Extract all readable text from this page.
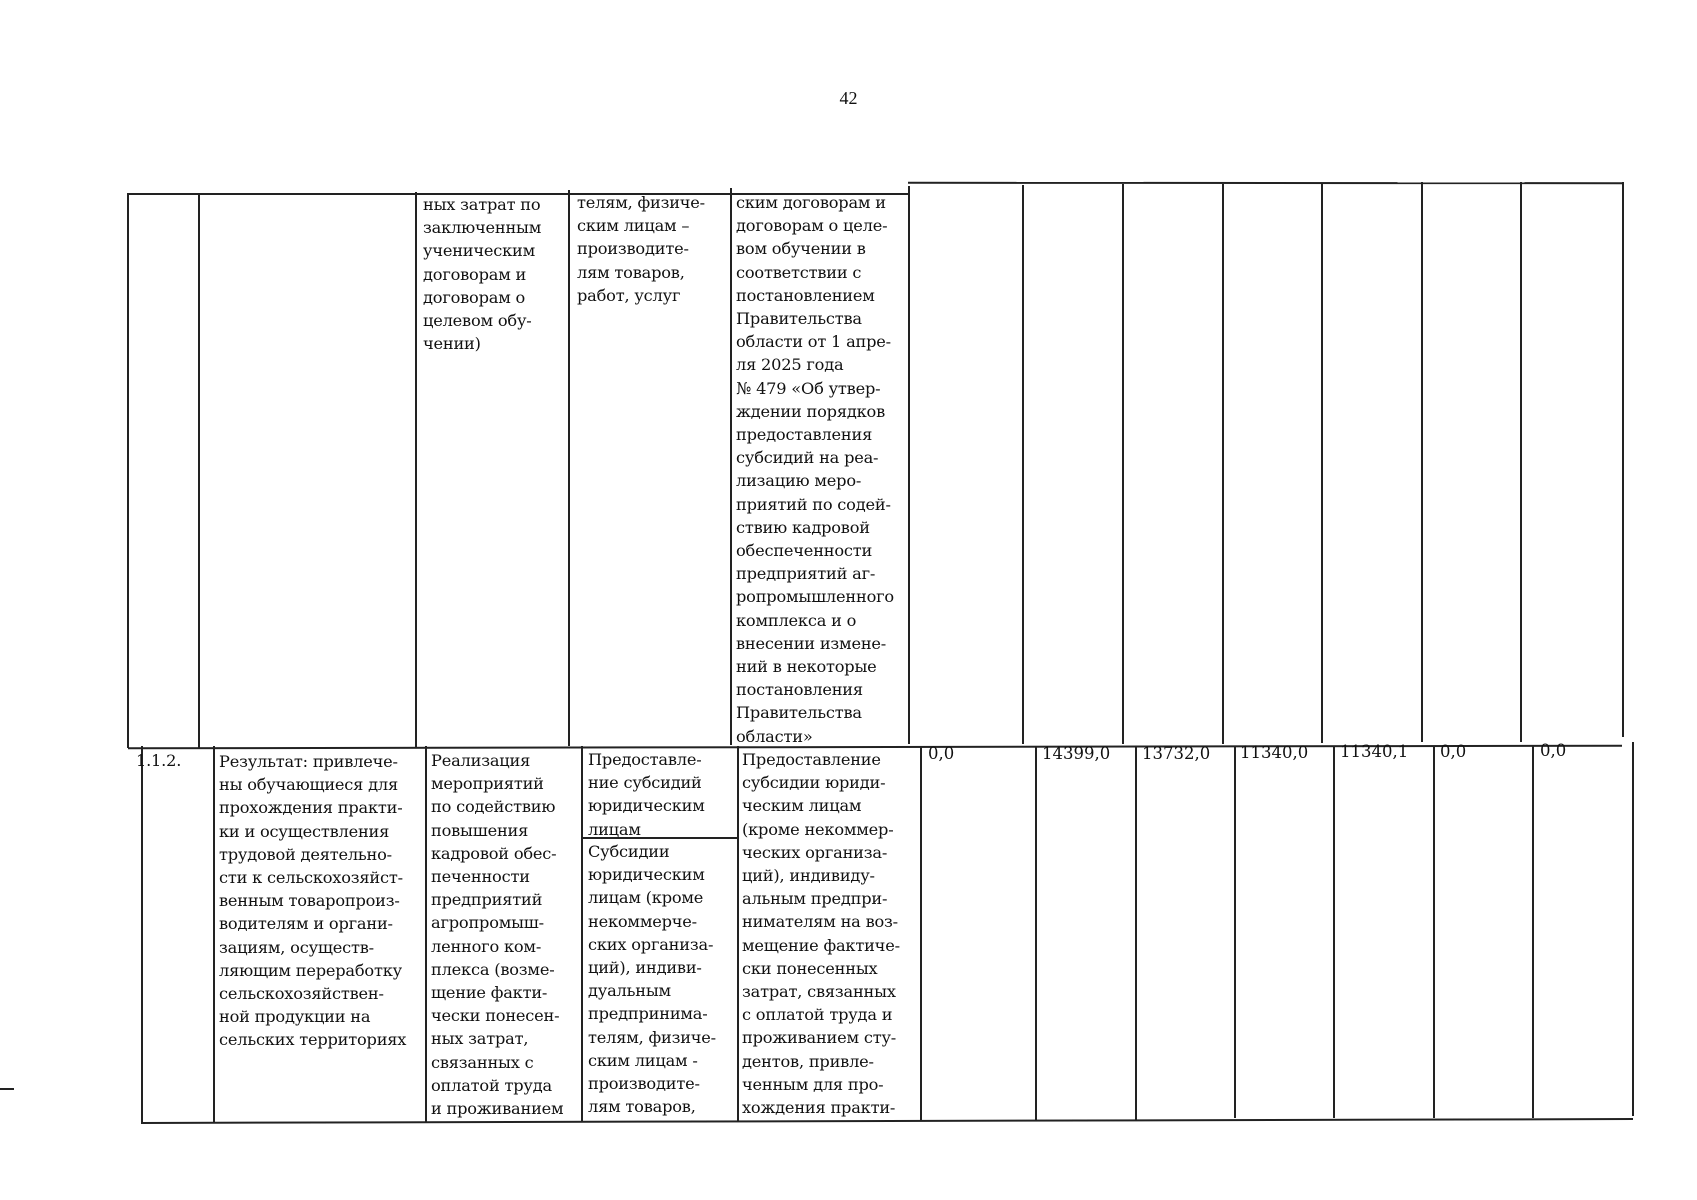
42
ных затрат по
заключенным
ученическим
договорам и
договорам о
целевом обу-
чении)
телям, физиче-
ским лицам –
производите-
лям товаров,
работ, услуг
ским договорам и
договорам о целе-
вом обучении в
соответствии с
постановлением
Правительства
области от 1 апре-
ля 2025 года
№ 479 «Об утвер-
ждении порядков
предоставления
субсидий на реа-
лизацию меро-
приятий по содей-
ствию кадровой
обеспеченности
предприятий аг-
ропромышленного
комплекса и о
внесении измене-
ний в некоторые
постановления
Правительства
области»
1.1.2. Результат: привлече-
ны обучающиеся для
прохождения практи-
ки и осуществления
трудовой деятельно-
сти к сельскохозяйст-
венным товаропроиз-
водителям и органи-
зациям, осуществ-
ляющим переработку
сельскохозяйствен-
ной продукции на
сельских территориях
Реализация
мероприятий
по содействию
повышения
кадровой обес-
печенности
предприятий
агропромыш-
ленного ком-
плекса (возме-
щение факти-
чески понесен-
ных затрат,
связанных с
оплатой труда
и проживанием
Предоставле-
ние субсидий
юридическим
лицам
Субсидии
юридическим
лицам (кроме
некоммерче-
ских организа-
ций), индиви-
дуальным
предпринима-
телям, физиче-
ским лицам -
производите-
лям товаров,
Предоставление
субсидии юриди-
ческим лицам
(кроме некоммер-
ческих организа-
ций), индивиду-
альным предпри-
нимателям на воз-
мещение фактиче-
ски понесенных
затрат, связанных
с оплатой труда и
проживанием сту-
дентов, привле-
ченным для про-
хождения практи-
0,0	14399,0 13732,0 11340,0 11340,1 0,0	0,0
